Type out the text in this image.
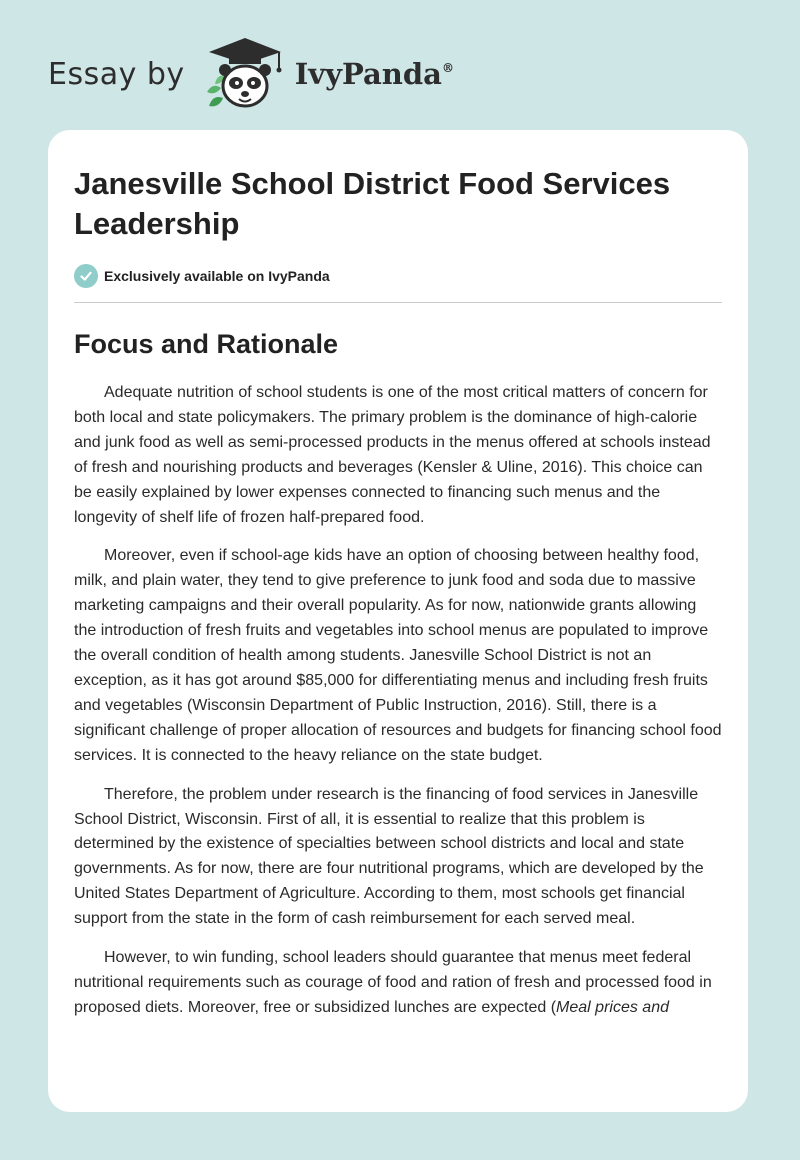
Essay by	IvyPanda®
Janesville School District Food Services Leadership
Exclusively available on IvyPanda
Focus and Rationale

Adequate nutrition of school students is one of the most critical matters of concern for both local and state policymakers. The primary problem is the dominance of high-calorie and junk food as well as semi-processed products in the menus offered at schools instead of fresh and nourishing products and beverages (Kensler & Uline, 2016). This choice can be easily explained by lower expenses connected to financing such menus and the longevity of shelf life of frozen half-prepared food.

Moreover, even if school-age kids have an option of choosing between healthy food, milk, and plain water, they tend to give preference to junk food and soda due to massive marketing campaigns and their overall popularity. As for now, nationwide grants allowing the introduction of fresh fruits and vegetables into school menus are populated to improve the overall condition of health among students. Janesville School District is not an exception, as it has got around $85,000 for differentiating menus and including fresh fruits and vegetables (Wisconsin Department of Public Instruction, 2016). Still, there is a significant challenge of proper allocation of resources and budgets for financing school food services. It is connected to the heavy reliance on the state budget.

Therefore, the problem under research is the financing of food services in Janesville School District, Wisconsin. First of all, it is essential to realize that this problem is determined by the existence of specialties between school districts and local and state governments. As for now, there are four nutritional programs, which are developed by the United States Department of Agriculture. According to them, most schools get financial support from the state in the form of cash reimbursement for each served meal.

However, to win funding, school leaders should guarantee that menus meet federal nutritional requirements such as courage of food and ration of fresh and processed food in proposed diets. Moreover, free or subsidized lunches are expected (Meal prices and
